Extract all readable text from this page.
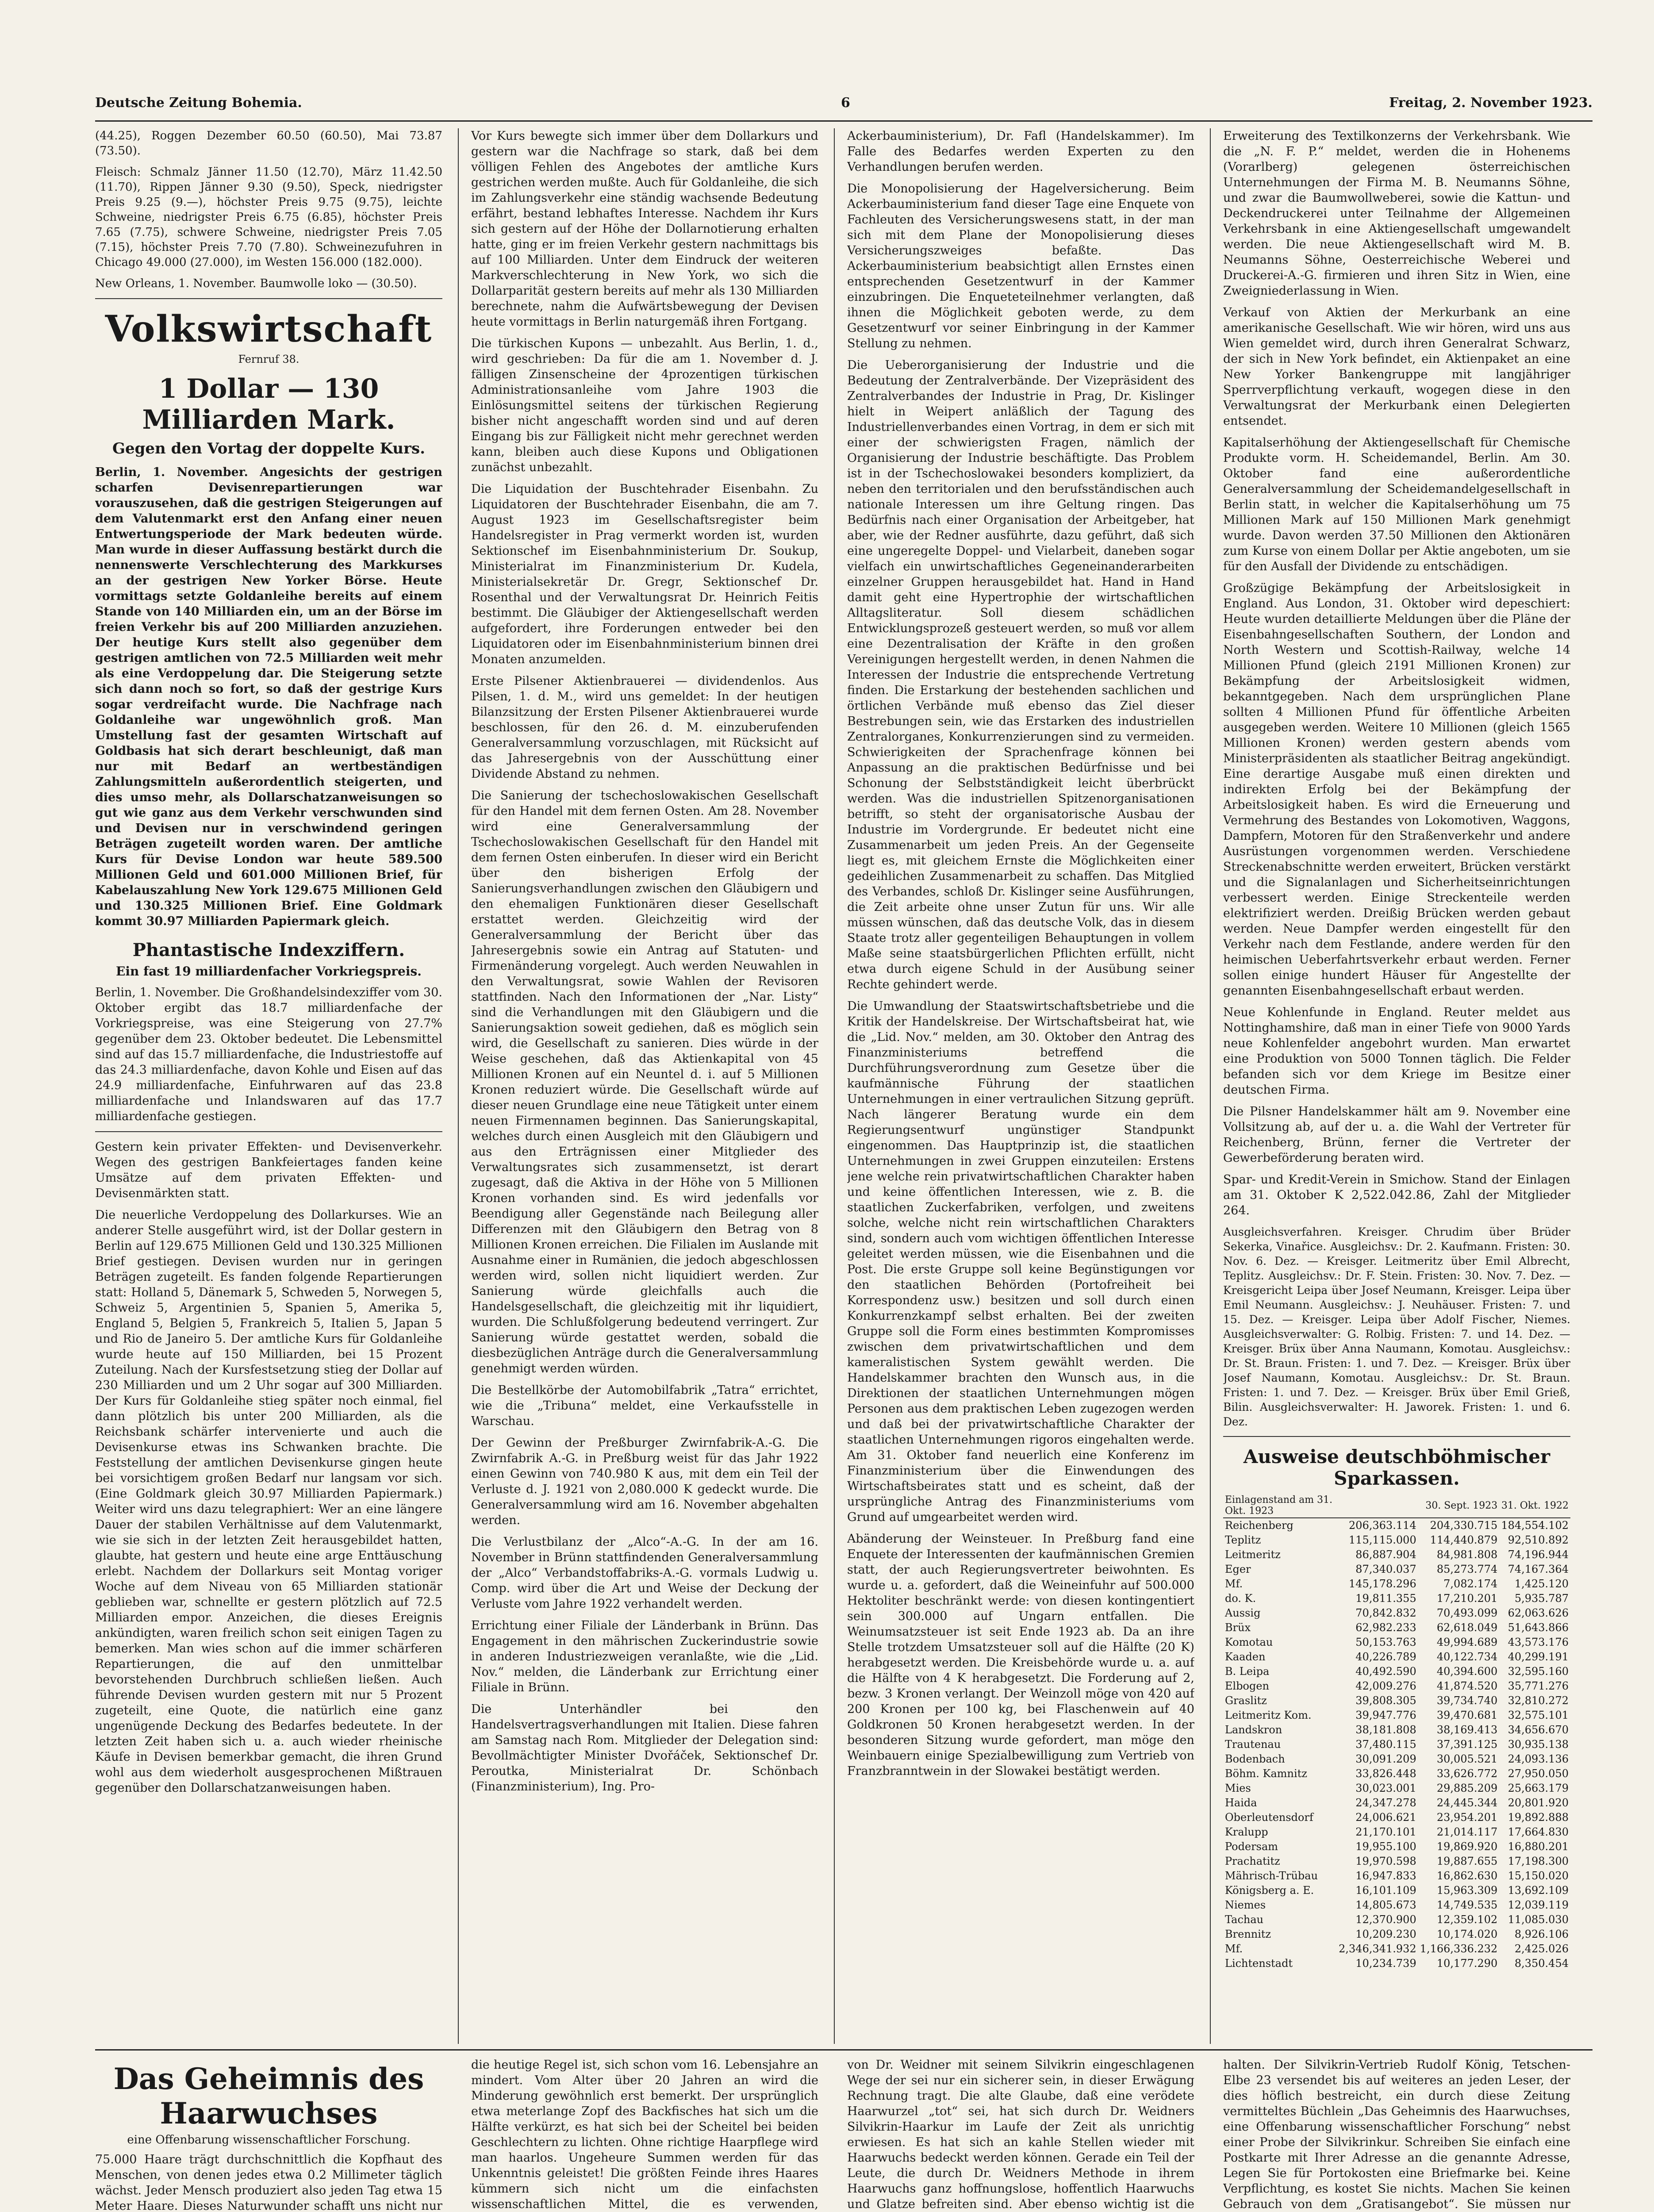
Deutsche Zeitung Bohemia.	6	Freitag, 2. November 1923.

(44.25), Roggen Dezember 60.50 (60.50), Mai 73.87 (73.50).

Fleisch: Schmalz Jänner 11.50 (12.70), März 11.42.50 (11.70), Rippen Jänner 9.30 (9.50), Speck, niedrigster Preis 9.25 (9.—), höchster Preis 9.75 (9.75), leichte Schweine, niedrigster Preis 6.75 (6.85), höchster Preis 7.65 (7.75), schwere Schweine, niedrigster Preis 7.05 (7.15), höchster Preis 7.70 (7.80). Schweinezufuhren in Chicago 49.000 (27.000), im Westen 156.000 (182.000).

New Orleans, 1. November. Baumwolle loko — (30.50).

Volkswirtschaft
Fernruf 38.
1 Dollar — 130 Milliarden Mark.
Gegen den Vortag der doppelte Kurs.

Berlin, 1. November. Angesichts der gestrigen scharfen Devisenrepartierungen war vorauszusehen, daß die gestrigen Steigerungen auf dem Valutenmarkt erst den Anfang einer neuen Entwertungsperiode der Mark bedeuten würde. Man wurde in dieser Auffassung bestärkt durch die nennenswerte Verschlechterung des Markkurses an der gestrigen New Yorker Börse. Heute vormittags setzte Goldanleihe bereits auf einem Stande von 140 Milliarden ein, um an der Börse im freien Verkehr bis auf 200 Milliarden anzuziehen. Der heutige Kurs stellt also gegenüber dem gestrigen amtlichen von 72.5 Milliarden weit mehr als eine Verdoppelung dar. Die Steigerung setzte sich dann noch so fort, so daß der gestrige Kurs sogar verdreifacht wurde. Die Nachfrage nach Goldanleihe war ungewöhnlich groß. Man Umstellung fast der gesamten Wirtschaft auf Goldbasis hat sich derart beschleunigt, daß man nur mit Bedarf an wertbeständigen Zahlungsmitteln außerordentlich steigerten, und dies umso mehr, als Dollarschatzanweisungen so gut wie ganz aus dem Verkehr verschwunden sind und Devisen nur in verschwindend geringen Beträgen zugeteilt worden waren. Der amtliche Kurs für Devise London war heute 589.500 Millionen Geld und 601.000 Millionen Brief, für Kabelauszahlung New York 129.675 Millionen Geld und 130.325 Millionen Brief. Eine Goldmark kommt 30.97 Milliarden Papiermark gleich.

Phantastische Indexziffern.
Ein fast 19 milliardenfacher Vorkriegspreis.

Berlin, 1. November. Die Großhandelsindexziffer vom 30. Oktober ergibt das 18.7 milliardenfache der Vorkriegspreise, was eine Steigerung von 27.7% gegenüber dem 23. Oktober bedeutet. Die Lebensmittel sind auf das 15.7 milliardenfache, die Industriestoffe auf das 24.3 milliardenfache, davon Kohle und Eisen auf das 24.9 milliardenfache, Einfuhrwaren auf das 23.8 milliardenfache und Inlandswaren auf das 17.7 milliardenfache gestiegen.

Gestern kein privater Effekten- und Devisenverkehr. Wegen des gestrigen Bankfeiertages fanden keine Umsätze auf dem privaten Effekten- und Devisenmärkten statt.

Die neuerliche Verdoppelung des Dollarkurses. Wie an anderer Stelle ausgeführt wird, ist der Dollar gestern in Berlin auf 129.675 Millionen Geld und 130.325 Millionen Brief gestiegen. Devisen wurden nur in geringen Beträgen zugeteilt. Es fanden folgende Repartierungen statt: Holland 5, Dänemark 5, Schweden 5, Norwegen 5, Schweiz 5, Argentinien 5, Spanien 5, Amerika 5, England 5, Belgien 5, Frankreich 5, Italien 5, Japan 5 und Rio de Janeiro 5. Der amtliche Kurs für Goldanleihe wurde heute auf 150 Milliarden, bei 15 Prozent Zuteilung. Nach der Kursfestsetzung stieg der Dollar auf 230 Milliarden und um 2 Uhr sogar auf 300 Milliarden. Der Kurs für Goldanleihe stieg später noch einmal, fiel dann plötzlich bis unter 200 Milliarden, als die Reichsbank schärfer intervenierte und auch die Devisenkurse etwas ins Schwanken brachte. Die Feststellung der amtlichen Devisenkurse gingen heute bei vorsichtigem großen Bedarf nur langsam vor sich. (Eine Goldmark gleich 30.97 Milliarden Papiermark.) Weiter wird uns dazu telegraphiert: Wer an eine längere Dauer der stabilen Verhältnisse auf dem Valutenmarkt, wie sie sich in der letzten Zeit herausgebildet hatten, glaubte, hat gestern und heute eine arge Enttäuschung erlebt. Nachdem der Dollarkurs seit Montag voriger Woche auf dem Niveau von 65 Milliarden stationär geblieben war, schnellte er gestern plötzlich auf 72.5 Milliarden empor. Anzeichen, die dieses Ereignis ankündigten, waren freilich schon seit einigen Tagen zu bemerken. Man wies schon auf die immer schärferen Repartierungen, die auf den unmittelbar bevorstehenden Durchbruch schließen ließen. Auch führende Devisen wurden gestern mit nur 5 Prozent zugeteilt, eine Quote, die natürlich eine ganz ungenügende Deckung des Bedarfes bedeutete. In der letzten Zeit haben sich u. a. auch wieder rheinische Käufe in Devisen bemerkbar gemacht, die ihren Grund wohl aus dem wiederholt ausgesprochenen Mißtrauen gegenüber den Dollarschatzanweisungen haben.

Vor Kurs bewegte sich immer über dem Dollarkurs und gestern war die Nachfrage so stark, daß bei dem völligen Fehlen des Angebotes der amtliche Kurs gestrichen werden mußte. Auch für Goldanleihe, die sich im Zahlungsverkehr eine ständig wachsende Bedeutung erfährt, bestand lebhaftes Interesse. Nachdem ihr Kurs sich gestern auf der Höhe der Dollarnotierung erhalten hatte, ging er im freien Verkehr gestern nachmittags bis auf 100 Milliarden. Unter dem Eindruck der weiteren Markverschlechterung in New York, wo sich die Dollarparität gestern bereits auf mehr als 130 Milliarden berechnete, nahm die Aufwärtsbewegung der Devisen heute vormittags in Berlin naturgemäß ihren Fortgang.

Die türkischen Kupons — unbezahlt. Aus Berlin, 1. d., wird geschrieben: Da für die am 1. November d. J. fälligen Zinsenscheine der 4prozentigen türkischen Administrationsanleihe vom Jahre 1903 die Einlösungsmittel seitens der türkischen Regierung bisher nicht angeschafft worden sind und auf deren Eingang bis zur Fälligkeit nicht mehr gerechnet werden kann, bleiben auch diese Kupons und Obligationen zunächst unbezahlt.

Die Liquidation der Buschtehrader Eisenbahn. Zu Liquidatoren der Buschtehrader Eisenbahn, die am 7. August 1923 im Gesellschaftsregister beim Handelsregister in Prag vermerkt worden ist, wurden Sektionschef im Eisenbahnministerium Dr. Soukup, Ministerialrat im Finanzministerium Dr. Kudela, Ministerialsekretär Dr. Gregr, Sektionschef Dr. Rosenthal und der Verwaltungsrat Dr. Heinrich Feitis bestimmt. Die Gläubiger der Aktiengesellschaft werden aufgefordert, ihre Forderungen entweder bei den Liquidatoren oder im Eisenbahnministerium binnen drei Monaten anzumelden.

Erste Pilsener Aktienbrauerei — dividendenlos. Aus Pilsen, 1. d. M., wird uns gemeldet: In der heutigen Bilanzsitzung der Ersten Pilsener Aktienbrauerei wurde beschlossen, für den 26. d. M. einzuberufenden Generalversammlung vorzuschlagen, mit Rücksicht auf das Jahresergebnis von der Ausschüttung einer Dividende Abstand zu nehmen.

Die Sanierung der tschechoslowakischen Gesellschaft für den Handel mit dem fernen Osten. Am 28. November wird eine Generalversammlung der Tschechoslowakischen Gesellschaft für den Handel mit dem fernen Osten einberufen. In dieser wird ein Bericht über den bisherigen Erfolg der Sanierungsverhandlungen zwischen den Gläubigern und den ehemaligen Funktionären dieser Gesellschaft erstattet werden. Gleichzeitig wird der Generalversammlung der Bericht über das Jahresergebnis sowie ein Antrag auf Statuten- und Firmenänderung vorgelegt. Auch werden Neuwahlen in den Verwaltungsrat, sowie Wahlen der Revisoren stattfinden. Nach den Informationen der „Nar. Listy“ sind die Verhandlungen mit den Gläubigern und die Sanierungsaktion soweit gediehen, daß es möglich sein wird, die Gesellschaft zu sanieren. Dies würde in der Weise geschehen, daß das Aktienkapital von 45 Millionen Kronen auf ein Neuntel d. i. auf 5 Millionen Kronen reduziert würde. Die Gesellschaft würde auf dieser neuen Grundlage eine neue Tätigkeit unter einem neuen Firmennamen beginnen. Das Sanierungskapital, welches durch einen Ausgleich mit den Gläubigern und aus den Erträgnissen einer Mitglieder des Verwaltungsrates sich zusammensetzt, ist derart zugesagt, daß die Aktiva in der Höhe von 5 Millionen Kronen vorhanden sind. Es wird jedenfalls vor Beendigung aller Gegenstände nach Beilegung aller Differenzen mit den Gläubigern den Betrag von 8 Millionen Kronen erreichen. Die Filialen im Auslande mit Ausnahme einer in Rumänien, die jedoch abgeschlossen werden wird, sollen nicht liquidiert werden. Zur Sanierung würde gleichfalls auch die Handelsgesellschaft, die gleichzeitig mit ihr liquidiert, wurden. Die Schlußfolgerung bedeutend verringert. Zur Sanierung würde gestattet werden, sobald die diesbezüglichen Anträge durch die Generalversammlung genehmigt werden würden.

Die Bestellkörbe der Automobilfabrik „Tatra“ errichtet, wie die „Tribuna“ meldet, eine Verkaufsstelle in Warschau.

Der Gewinn der Preßburger Zwirnfabrik-A.-G. Die Zwirnfabrik A.-G. in Preßburg weist für das Jahr 1922 einen Gewinn von 740.980 K aus, mit dem ein Teil der Verluste d. J. 1921 von 2,080.000 K gedeckt wurde. Die Generalversammlung wird am 16. November abgehalten werden.

Die Verlustbilanz der „Alco“-A.-G. In der am 16. November in Brünn stattfindenden Generalversammlung der „Alco“ Verbandstoffabriks-A.-G. vormals Ludwig u. Comp. wird über die Art und Weise der Deckung der Verluste vom Jahre 1922 verhandelt werden.

Errichtung einer Filiale der Länderbank in Brünn. Das Engagement in den mährischen Zuckerindustrie sowie in anderen Industriezweigen veranlaßte, wie die „Lid. Nov.“ melden, die Länderbank zur Errichtung einer Filiale in Brünn.

Die Unterhändler bei den Handelsvertragsverhandlungen mit Italien. Diese fahren am Samstag nach Rom. Mitglieder der Delegation sind: Bevollmächtigter Minister Dvořáček, Sektionschef Dr. Peroutka, Ministerialrat Dr. Schönbach (Finanzministerium), Ing. Pro-

Ackerbauministerium), Dr. Fafl (Handelskammer). Im Falle des Bedarfes werden Experten zu den Verhandlungen berufen werden.

Die Monopolisierung der Hagelversicherung. Beim Ackerbauministerium fand dieser Tage eine Enquete von Fachleuten des Versicherungswesens statt, in der man sich mit dem Plane der Monopolisierung dieses Versicherungszweiges befaßte. Das Ackerbauministerium beabsichtigt allen Ernstes einen entsprechenden Gesetzentwurf in der Kammer einzubringen. Die Enqueteteilnehmer verlangten, daß ihnen die Möglichkeit geboten werde, zu dem Gesetzentwurf vor seiner Einbringung in der Kammer Stellung zu nehmen.

Die Ueberorganisierung der Industrie und die Bedeutung der Zentralverbände. Der Vizepräsident des Zentralverbandes der Industrie in Prag, Dr. Kislinger hielt in Weipert anläßlich der Tagung des Industriellenverbandes einen Vortrag, in dem er sich mit einer der schwierigsten Fragen, nämlich der Organisierung der Industrie beschäftigte. Das Problem ist in der Tschechoslowakei besonders kompliziert, da neben den territorialen und den berufsständischen auch nationale Interessen um ihre Geltung ringen. Das Bedürfnis nach einer Organisation der Arbeitgeber, hat aber, wie der Redner ausführte, dazu geführt, daß sich eine ungeregelte Doppel- und Vielarbeit, daneben sogar vielfach ein unwirtschaftliches Gegeneinanderarbeiten einzelner Gruppen herausgebildet hat. Hand in Hand damit geht eine Hypertrophie der wirtschaftlichen Alltagsliteratur. Soll diesem schädlichen Entwicklungsprozeß gesteuert werden, so muß vor allem eine Dezentralisation der Kräfte in den großen Vereinigungen hergestellt werden, in denen Nahmen die Interessen der Industrie die entsprechende Vertretung finden. Die Erstarkung der bestehenden sachlichen und örtlichen Verbände muß ebenso das Ziel dieser Bestrebungen sein, wie das Erstarken des industriellen Zentralorganes, Konkurrenzierungen sind zu vermeiden. Schwierigkeiten der Sprachenfrage können bei Anpassung an die praktischen Bedürfnisse und bei Schonung der Selbstständigkeit leicht überbrückt werden. Was die industriellen Spitzenorganisationen betrifft, so steht der organisatorische Ausbau der Industrie im Vordergrunde. Er bedeutet nicht eine Zusammenarbeit um jeden Preis. An der Gegenseite liegt es, mit gleichem Ernste die Möglichkeiten einer gedeihlichen Zusammenarbeit zu schaffen. Das Mitglied des Verbandes, schloß Dr. Kislinger seine Ausführungen, die Zeit arbeite ohne unser Zutun für uns. Wir alle müssen wünschen, daß das deutsche Volk, das in diesem Staate trotz aller gegenteiligen Behauptungen in vollem Maße seine staatsbürgerlichen Pflichten erfüllt, nicht etwa durch eigene Schuld in der Ausübung seiner Rechte gehindert werde.

Die Umwandlung der Staatswirtschaftsbetriebe und die Kritik der Handelskreise. Der Wirtschaftsbeirat hat, wie die „Lid. Nov.“ melden, am 30. Oktober den Antrag des Finanzministeriums betreffend die Durchführungsverordnung zum Gesetze über die kaufmännische Führung der staatlichen Unternehmungen in einer vertraulichen Sitzung geprüft. Nach längerer Beratung wurde ein dem Regierungsentwurf ungünstiger Standpunkt eingenommen. Das Hauptprinzip ist, die staatlichen Unternehmungen in zwei Gruppen einzuteilen: Erstens jene welche rein privatwirtschaftlichen Charakter haben und keine öffentlichen Interessen, wie z. B. die staatlichen Zuckerfabriken, verfolgen, und zweitens solche, welche nicht rein wirtschaftlichen Charakters sind, sondern auch vom wichtigen öffentlichen Interesse geleitet werden müssen, wie die Eisenbahnen und die Post. Die erste Gruppe soll keine Begünstigungen vor den staatlichen Behörden (Portofreiheit bei Korrespondenz usw.) besitzen und soll durch einen Konkurrenzkampf selbst erhalten. Bei der zweiten Gruppe soll die Form eines bestimmten Kompromisses zwischen dem privatwirtschaftlichen und dem kameralistischen System gewählt werden. Die Handelskammer brachten den Wunsch aus, in die Direktionen der staatlichen Unternehmungen mögen Personen aus dem praktischen Leben zugezogen werden und daß bei der privatwirtschaftliche Charakter der staatlichen Unternehmungen rigoros eingehalten werde. Am 31. Oktober fand neuerlich eine Konferenz im Finanzministerium über die Einwendungen des Wirtschaftsbeirates statt und es scheint, daß der ursprüngliche Antrag des Finanzministeriums vom Grund auf umgearbeitet werden wird.

Abänderung der Weinsteuer. In Preßburg fand eine Enquete der Interessenten der kaufmännischen Gremien statt, der auch Regierungsvertreter beiwohnten. Es wurde u. a. gefordert, daß die Weineinfuhr auf 500.000 Hektoliter beschränkt werde: von diesen kontingentiert sein 300.000 auf Ungarn entfallen. Die Weinumsatzsteuer ist seit Ende 1923 ab. Da an ihre Stelle trotzdem Umsatzsteuer soll auf die Hälfte (20 K) herabgesetzt werden. Die Kreisbehörde wurde u. a. auf die Hälfte von 4 K herabgesetzt. Die Forderung auf 2, bezw. 3 Kronen verlangt. Der Weinzoll möge von 420 auf 200 Kronen per 100 kg, bei Flaschenwein auf 40 Goldkronen 50 Kronen herabgesetzt werden. In der besonderen Sitzung wurde gefordert, man möge den Weinbauern einige Spezialbewilligung zum Vertrieb von Franzbranntwein in der Slowakei bestätigt werden.

Erweiterung des Textilkonzerns der Verkehrsbank. Wie die „N. F. P.“ meldet, werden die in Hohenems (Vorarlberg) gelegenen österreichischen Unternehmungen der Firma M. B. Neumanns Söhne, und zwar die Baumwollweberei, sowie die Kattun- und Deckendruckerei unter Teilnahme der Allgemeinen Verkehrsbank in eine Aktiengesellschaft umgewandelt werden. Die neue Aktiengesellschaft wird M. B. Neumanns Söhne, Oesterreichische Weberei und Druckerei-A.-G. firmieren und ihren Sitz in Wien, eine Zweigniederlassung in Wien.

Verkauf von Aktien der Merkurbank an eine amerikanische Gesellschaft. Wie wir hören, wird uns aus Wien gemeldet wird, durch ihren Generalrat Schwarz, der sich in New York befindet, ein Aktienpaket an eine New Yorker Bankengruppe mit langjähriger Sperrverpflichtung verkauft, wogegen diese in den Verwaltungsrat der Merkurbank einen Delegierten entsendet.

Kapitalserhöhung der Aktiengesellschaft für Chemische Produkte vorm. H. Scheidemandel, Berlin. Am 30. Oktober fand eine außerordentliche Generalversammlung der Scheidemandelgesellschaft in Berlin statt, in welcher die Kapitalserhöhung um 75 Millionen Mark auf 150 Millionen Mark genehmigt wurde. Davon werden 37.50 Millionen den Aktionären zum Kurse von einem Dollar per Aktie angeboten, um sie für den Ausfall der Dividende zu entschädigen.

Großzügige Bekämpfung der Arbeitslosigkeit in England. Aus London, 31. Oktober wird depeschiert: Heute wurden detaillierte Meldungen über die Pläne der Eisenbahngesellschaften Southern, der London and North Western und Scottish-Railway, welche 14 Millionen Pfund (gleich 2191 Millionen Kronen) zur Bekämpfung der Arbeitslosigkeit widmen, bekanntgegeben. Nach dem ursprünglichen Plane sollten 4 Millionen Pfund für öffentliche Arbeiten ausgegeben werden. Weitere 10 Millionen (gleich 1565 Millionen Kronen) werden gestern abends vom Ministerpräsidenten als staatlicher Beitrag angekündigt. Eine derartige Ausgabe muß einen direkten und indirekten Erfolg bei der Bekämpfung der Arbeitslosigkeit haben. Es wird die Erneuerung und Vermehrung des Bestandes von Lokomotiven, Waggons, Dampfern, Motoren für den Straßenverkehr und andere Ausrüstungen vorgenommen werden. Verschiedene Streckenabschnitte werden erweitert, Brücken verstärkt und die Signalanlagen und Sicherheitseinrichtungen verbessert werden. Einige Streckenteile werden elektrifiziert werden. Dreißig Brücken werden gebaut werden. Neue Dampfer werden eingestellt für den Verkehr nach dem Festlande, andere werden für den heimischen Ueberfahrtsverkehr erbaut werden. Ferner sollen einige hundert Häuser für Angestellte der genannten Eisenbahngesellschaft erbaut werden.

Neue Kohlenfunde in England. Reuter meldet aus Nottinghamshire, daß man in einer Tiefe von 9000 Yards neue Kohlenfelder angebohrt wurden. Man erwartet eine Produktion von 5000 Tonnen täglich. Die Felder befanden sich vor dem Kriege im Besitze einer deutschen Firma.

Die Pilsner Handelskammer hält am 9. November eine Vollsitzung ab, auf der u. a. die Wahl der Vertreter für Reichenberg, Brünn, ferner die Vertreter der Gewerbeförderung beraten wird.

Spar- und Kredit-Verein in Smichow. Stand der Einlagen am 31. Oktober K 2,522.042.86, Zahl der Mitglieder 264.

Ausgleichsverfahren. Kreisger. Chrudim über Brüder Sekerka, Vinařice. Ausgleichsv.: Dr. 2. Kaufmann. Fristen: 30. Nov. 6. Dez. — Kreisger. Leitmeritz über Emil Albrecht, Teplitz. Ausgleichsv.: Dr. F. Stein. Fristen: 30. Nov. 7. Dez. — Kreisgericht Leipa über Josef Neumann, Kreisger. Leipa über Emil Neumann. Ausgleichsv.: J. Neuhäuser. Fristen: 7. und 15. Dez. — Kreisger. Leipa über Adolf Fischer, Niemes. Ausgleichsverwalter: G. Rolbig. Fristen: 7. und 14. Dez. — Kreisger. Brüx über Anna Naumann, Komotau. Ausgleichsv.: Dr. St. Braun. Fristen: 1. und 7. Dez. — Kreisger. Brüx über Josef Naumann, Komotau. Ausgleichsv.: Dr. St. Braun. Fristen: 1. und 7. Dez. — Kreisger. Brüx über Emil Grieß, Bilin. Ausgleichsverwalter: H. Jaworek. Fristen: 1. und 6. Dez.

Ausweise deutschböhmischer Sparkassen.
Einlagenstand am 31. Okt. 1923		30. Sept. 1923	31. Okt. 1922
Reichenberg	206,363.114	204,330.715	184,554.102
Teplitz	115,115.000	114,440.879	92,510.892
Leitmeritz	86,887.904	84,981.808	74,196.944
Eger	87,340.037	85,273.774	74,167.364
Mf.	145,178.296	7,082.174	1,425.120
do. K.	19,811.355	17,210.201	5,935.787
Aussig	70,842.832	70,493.099	62,063.626
Brüx	62,982.233	62,618.049	51,643.866
Komotau	50,153.763	49,994.689	43,573.176
Kaaden	40,226.789	40,122.734	40,299.191
B. Leipa	40,492.590	40,394.600	32,595.160
Elbogen	42,009.276	41,874.520	35,771.276
Graslitz	39,808.305	39,734.740	32,810.272
Leitmeritz Kom.	39,947.776	39,470.681	32,575.101
Landskron	38,181.808	38,169.413	34,656.670
Trautenau	37,480.115	37,391.125	30,935.138
Bodenbach	30,091.209	30,005.521	24,093.136
Böhm. Kamnitz	33,826.448	33,626.772	27,950.050
Mies	30,023.001	29,885.209	25,663.179
Haida	24,347.278	24,445.344	20,801.920
Oberleutensdorf	24,006.621	23,954.201	19,892.888
Kralupp	21,170.101	21,014.117	17,664.830
Podersam	19,955.100	19,869.920	16,880.201
Prachatitz	19,970.598	19,887.655	17,198.300
Mährisch-Trübau	16,947.833	16,862.630	15,150.020
Königsberg a. E.	16,101.109	15,963.309	13,692.109
Niemes	14,805.673	14,749.535	12,039.119
Tachau	12,370.900	12,359.102	11,085.030
Brennitz	10,209.230	10,174.020	8,926.106
Mf.	2,346,341.932	1,166,336.232	2,425.026
Lichtenstadt	10,234.739	10,177.290	8,350.454
Das Geheimnis des Haarwuchses
eine Offenbarung wissenschaftlicher Forschung.

75.000 Haare trägt durchschnittlich die Kopfhaut des Menschen, von denen jedes etwa 0.2 Millimeter täglich wächst. Jeder Mensch produziert also jeden Tag etwa 15 Meter Haare. Dieses Naturwunder schafft uns nicht nur

die heutige Regel ist, sich schon vom 16. Lebensjahre an mindert. Vom Alter über 20 Jahren an wird die Minderung gewöhnlich erst bemerkt. Der ursprünglich etwa meterlange Zopf des Backfisches hat sich um die Hälfte verkürzt, es hat sich bei der Scheitel bei beiden Geschlechtern zu lichten. Ohne richtige Haarpflege wird man haarlos. Ungeheure Summen werden für das Unkenntnis geleistet! Die größten Feinde ihres Haares kümmern sich nicht um die einfachsten wissenschaftlichen Mittel, die es verwenden,

von Dr. Weidner mit seinem Silvikrin eingeschlagenen Wege der sei nur ein sicherer sein, in dieser Erwägung Rechnung tragt. Die alte Glaube, daß eine verödete Haarwurzel „tot“ sei, hat sich durch Dr. Weidners Silvikrin-Haarkur im Laufe der Zeit als unrichtig erwiesen. Es hat sich an kahle Stellen wieder mit Haarwuchs bedeckt werden können. Gerade ein Teil der Leute, die durch Dr. Weidners Methode in ihrem Haarwuchs ganz hoffnungslose, hoffentlich Haarwuchs und Glatze befreiten sind. Aber ebenso wichtig ist die

halten. Der Silvikrin-Vertrieb Rudolf König, Tetschen-Elbe 23 versendet bis auf weiteres an jeden Leser, der dies höflich bestreicht, ein durch diese Zeitung vermitteltes Büchlein „Das Geheimnis des Haarwuchses, eine Offenbarung wissenschaftlicher Forschung“ nebst einer Probe der Silvikrinkur. Schreiben Sie einfach eine Postkarte mit Ihrer Adresse an die genannte Adresse, Legen Sie für Portokosten eine Briefmarke bei. Keine Verpflichtung, es kostet Sie nichts. Machen Sie keinen Gebrauch von dem „Gratisangebot“. Sie müssen nur
